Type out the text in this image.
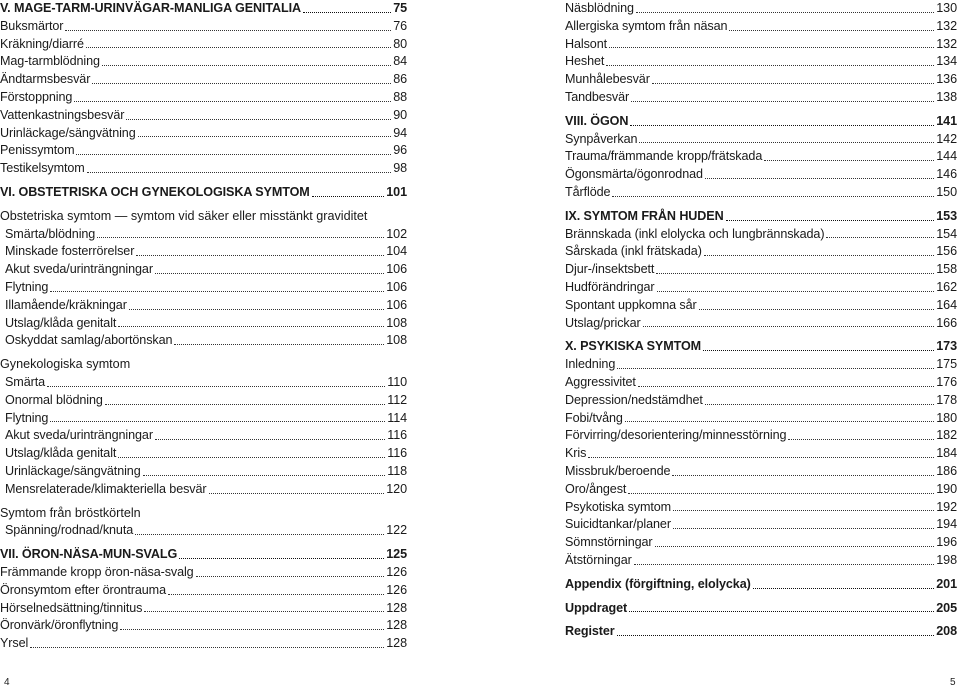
V. MAGE-TARM-URINVÄGAR-MANLIGA GENITALIA	75
Buksmärtor	76
Kräkning/diarré	80
Mag-tarmblödning	84
Ändtarmsbesvär	86
Förstoppning	88
Vattenkastningsbesvär	90
Urinläckage/sängvätning	94
Penissymtom	96
Testikelsymtom	98
VI. OBSTETRISKA OCH GYNEKOLOGISKA SYMTOM	101
Obstetriska symtom — symtom vid säker eller misstänkt graviditet
Smärta/blödning	102
Minskade fosterrörelser	104
Akut sveda/urinträngningar	106
Flytning	106
Illamående/kräkningar	106
Utslag/klåda genitalt	108
Oskyddat samlag/abortönskan	108
Gynekologiska symtom
Smärta	110
Onormal blödning	112
Flytning	114
Akut sveda/urinträngningar	116
Utslag/klåda genitalt	116
Urinläckage/sängvätning	118
Mensrelaterade/klimakteriella besvär	120
Symtom från bröstkörteln
Spänning/rodnad/knuta	122
VII. ÖRON-NÄSA-MUN-SVALG	125
Främmande kropp öron-näsa-svalg	126
Öronsymtom efter örontrauma	126
Hörselnedsättning/tinnitus	128
Öronvärk/öronflytning	128
Yrsel	128
Näsblödning	130
Allergiska symtom från näsan	132
Halsont	132
Heshet	134
Munhålebesvär	136
Tandbesvär	138
VIII. ÖGON	141
Synpåverkan	142
Trauma/främmande kropp/frätskada	144
Ögonsmärta/ögonrodnad	146
Tårflöde	150
IX. SYMTOM FRÅN HUDEN	153
Brännskada (inkl elolycka och lungbrännskada)	154
Sårskada (inkl frätskada)	156
Djur-/insektsbett	158
Hudförändringar	162
Spontant uppkomna sår	164
Utslag/prickar	166
X. PSYKISKA SYMTOM	173
Inledning	175
Aggressivitet	176
Depression/nedstämdhet	178
Fobi/tvång	180
Förvirring/desorientering/minnesstörning	182
Kris	184
Missbruk/beroende	186
Oro/ångest	190
Psykotiska symtom	192
Suicidtankar/planer	194
Sömnstörningar	196
Ätstörningar	198
Appendix (förgiftning, elolycka)	201
Uppdraget	205
Register	208
4	5
